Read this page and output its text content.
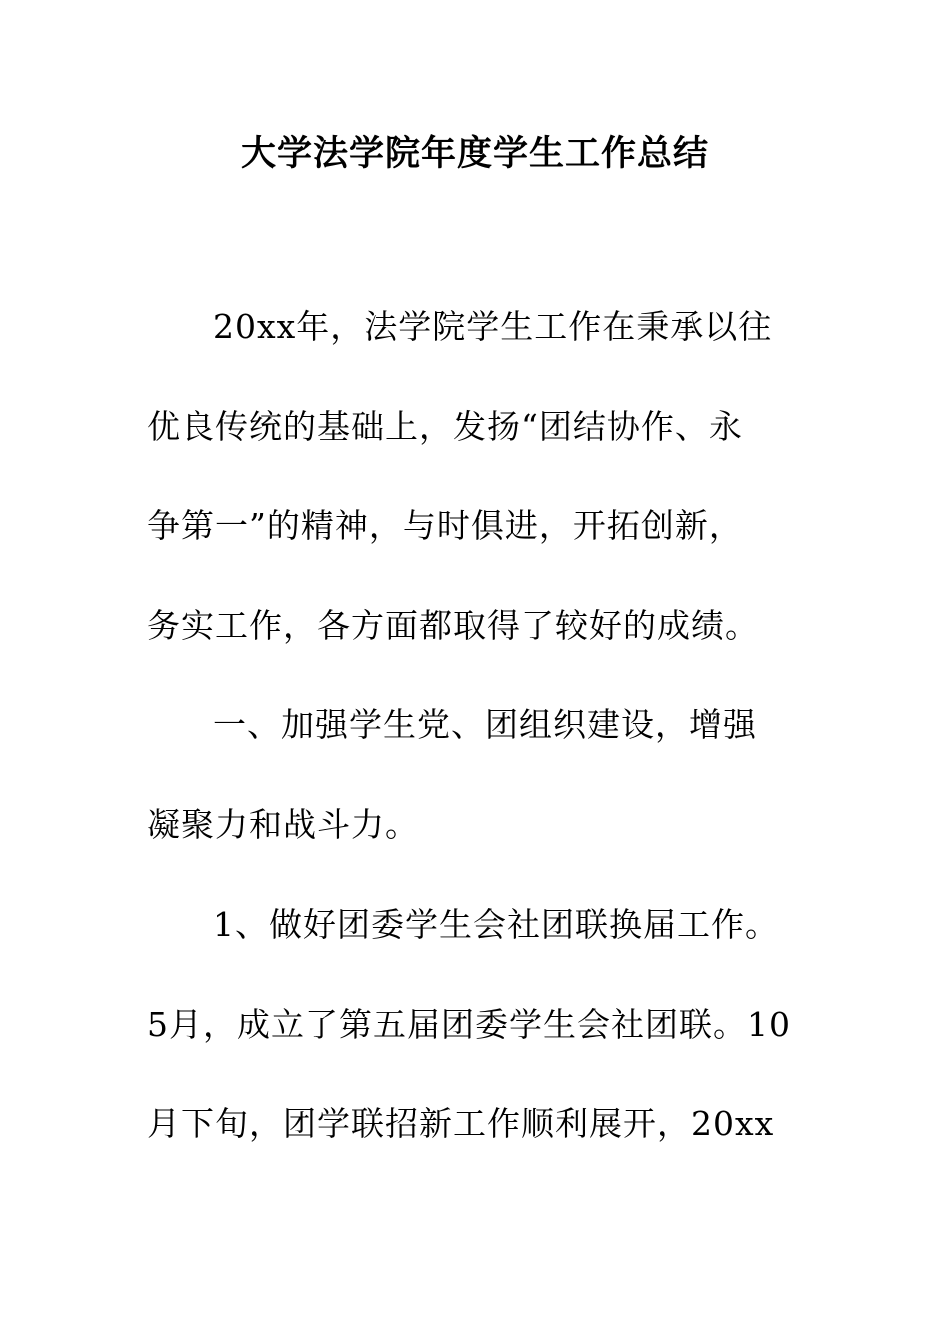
大学法学院年度学生工作总结
20xx年，法学院学生工作在秉承以往
优良传统的基础上，发扬“团结协作、永
争第一”的精神，与时俱进，开拓创新，
务实工作，各方面都取得了较好的成绩。
一、加强学生党、团组织建设，增强
凝聚力和战斗力。
1、做好团委学生会社团联换届工作。
5月，成立了第五届团委学生会社团联。10
月下旬，团学联招新工作顺利展开，20xx
